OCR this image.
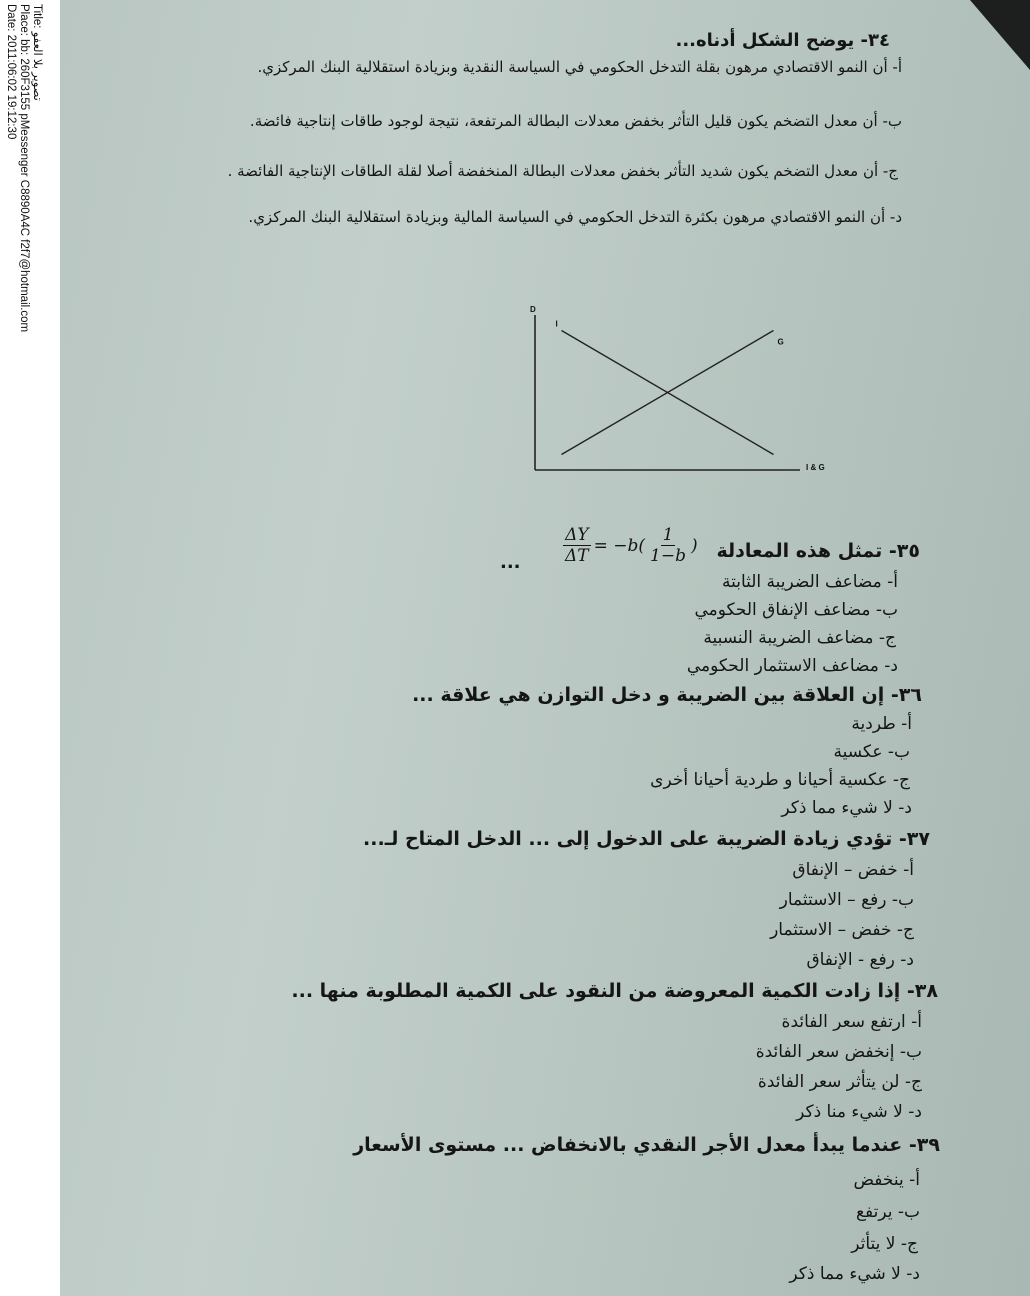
Title: تصوير بلا العفو
Place: bb: 260F3155 pMessenger C8890A4C f2f7@hotmail.com
Date: 2011:06:02 19:12:30	٣٤- يوضح الشكل أدناه...
أ- أن النمو الاقتصادي مرهون بقلة التدخل الحكومي في السياسة النقدية وبزيادة استقلالية البنك المركزي.
ب- أن معدل التضخم يكون قليل التأثر بخفض معدلات البطالة المرتفعة، نتيجة لوجود طاقات إنتاجية فائضة.
ج- أن معدل التضخم يكون شديد التأثر بخفض معدلات البطالة المنخفضة أصلا لقلة الطاقات الإنتاجية الفائضة .
د- أن النمو الاقتصادي مرهون بكثرة التدخل الحكومي في السياسة المالية وبزيادة استقلالية البنك المركزي.
D
I & G
I
G
٣٥- تمثل هذه المعادلة
$\frac{\Delta Y}{\Delta T} = -b( \frac{1}{1-b}$ )
...
أ- مضاعف الضريبة الثابتة
ب- مضاعف الإنفاق الحكومي
ج- مضاعف الضريبة النسبية
د- مضاعف الاستثمار الحكومي
٣٦- إن العلاقة بين الضريبة و دخل التوازن هي علاقة ...
أ- طردية
ب- عكسية
ج- عكسية أحيانا و طردية أحيانا أخرى
د- لا شيء مما ذكر
٣٧- تؤدي زيادة الضريبة على الدخول إلى ... الدخل المتاح لـ...
أ- خفض – الإنفاق
ب- رفع – الاستثمار
ج- خفض – الاستثمار
د- رفع - الإنفاق
٣٨- إذا زادت الكمية المعروضة من النقود على الكمية المطلوبة منها ...
أ- ارتفع سعر الفائدة
ب- إنخفض سعر الفائدة
ج- لن يتأثر سعر الفائدة
د- لا شيء منا ذكر
٣٩- عندما يبدأ معدل الأجر النقدي بالانخفاض ... مستوى الأسعار
أ- ينخفض
ب- يرتفع
ج- لا يتأثر
د- لا شيء مما ذكر
